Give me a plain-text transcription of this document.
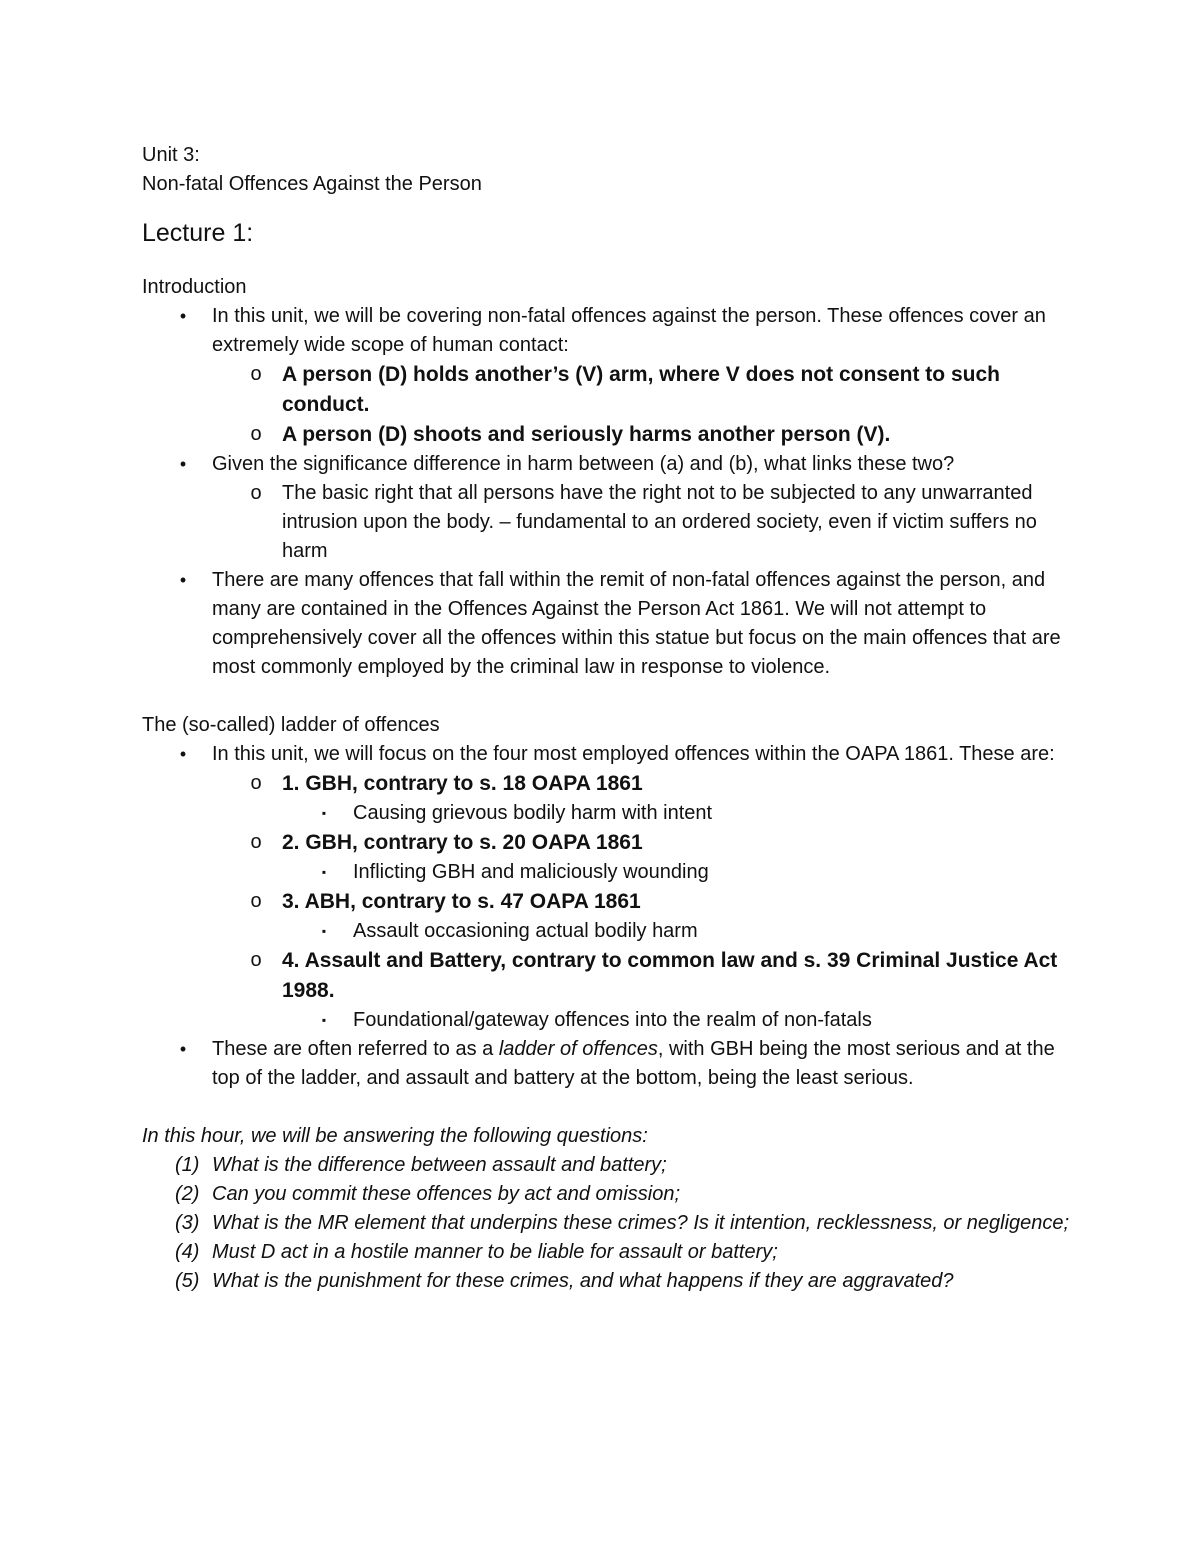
Unit 3:

Non-fatal Offences Against the Person

Lecture 1:

Introduction

• In this unit, we will be covering non-fatal offences against the person. These offences cover an extremely wide scope of human contact:
o A person (D) holds another’s (V) arm, where V does not consent to such conduct.
o A person (D) shoots and seriously harms another person (V).
• Given the significance difference in harm between (a) and (b), what links these two?
o The basic right that all persons have the right not to be subjected to any unwarranted intrusion upon the body. – fundamental to an ordered society, even if victim suffers no harm
• There are many offences that fall within the remit of non-fatal offences against the person, and many are contained in the Offences Against the Person Act 1861. We will not attempt to comprehensively cover all the offences within this statue but focus on the main offences that are most commonly employed by the criminal law in response to violence.

The (so-called) ladder of offences

• In this unit, we will focus on the four most employed offences within the OAPA 1861. These are:
o 1. GBH, contrary to s. 18 OAPA 1861
▪ Causing grievous bodily harm with intent
o 2. GBH, contrary to s. 20 OAPA 1861
▪ Inflicting GBH and maliciously wounding
o 3. ABH, contrary to s. 47 OAPA 1861
▪ Assault occasioning actual bodily harm
o 4. Assault and Battery, contrary to common law and s. 39 Criminal Justice Act 1988.
▪ Foundational/gateway offences into the realm of non-fatals
• These are often referred to as a ladder of offences, with GBH being the most serious and at the top of the ladder, and assault and battery at the bottom, being the least serious.

In this hour, we will be answering the following questions:

(1) What is the difference between assault and battery;
(2) Can you commit these offences by act and omission;
(3) What is the MR element that underpins these crimes? Is it intention, recklessness, or negligence;
(4) Must D act in a hostile manner to be liable for assault or battery;
(5) What is the punishment for these crimes, and what happens if they are aggravated?
